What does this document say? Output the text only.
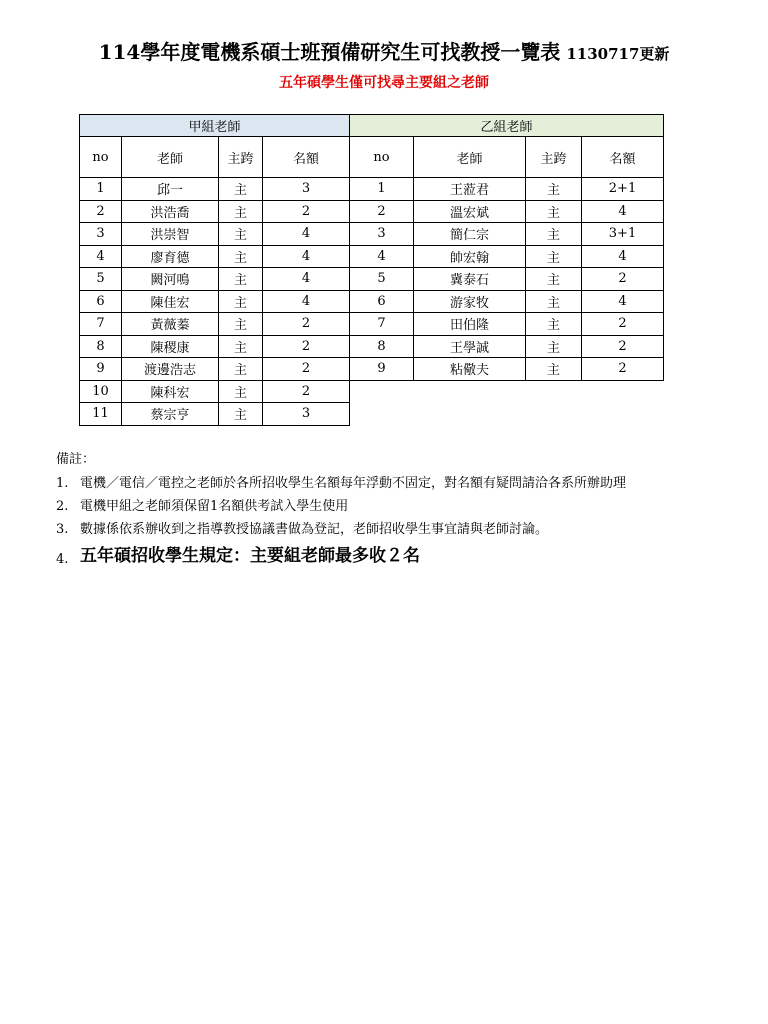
114學年度電機系碩士班預備研究生可找教授一覽表 1130717更新
五年碩學生僅可找尋主要組之老師
甲組老師				乙組老師			
no	老師	主跨	名額	no	老師	主跨	名額
1	邱一	主	3	1	王蒞君	主	2+1
2	洪浩喬	主	2	2	溫宏斌	主	4
3	洪崇智	主	4	3	簡仁宗	主	3+1
4	廖育德	主	4	4	帥宏翰	主	4
5	闕河鳴	主	4	5	冀泰石	主	2
6	陳佳宏	主	4	6	游家牧	主	4
7	黃薇蓁	主	2	7	田伯隆	主	2
8	陳稷康	主	2	8	王學誠	主	2
9	渡邊浩志	主	2	9	粘儆夫	主	2
10	陳科宏	主	2				
11	蔡宗亨	主	3				
備註：
1. 電機／電信／電控之老師於各所招收學生名額每年浮動不固定，對名額有疑問請洽各系所辦助理
2. 電機甲組之老師須保留1名額供考試入學生使用
3. 數據係依系辦收到之指導教授協議書做為登記，老師招收學生事宜請與老師討論。
4. 五年碩招收學生規定：主要組老師最多收２名
